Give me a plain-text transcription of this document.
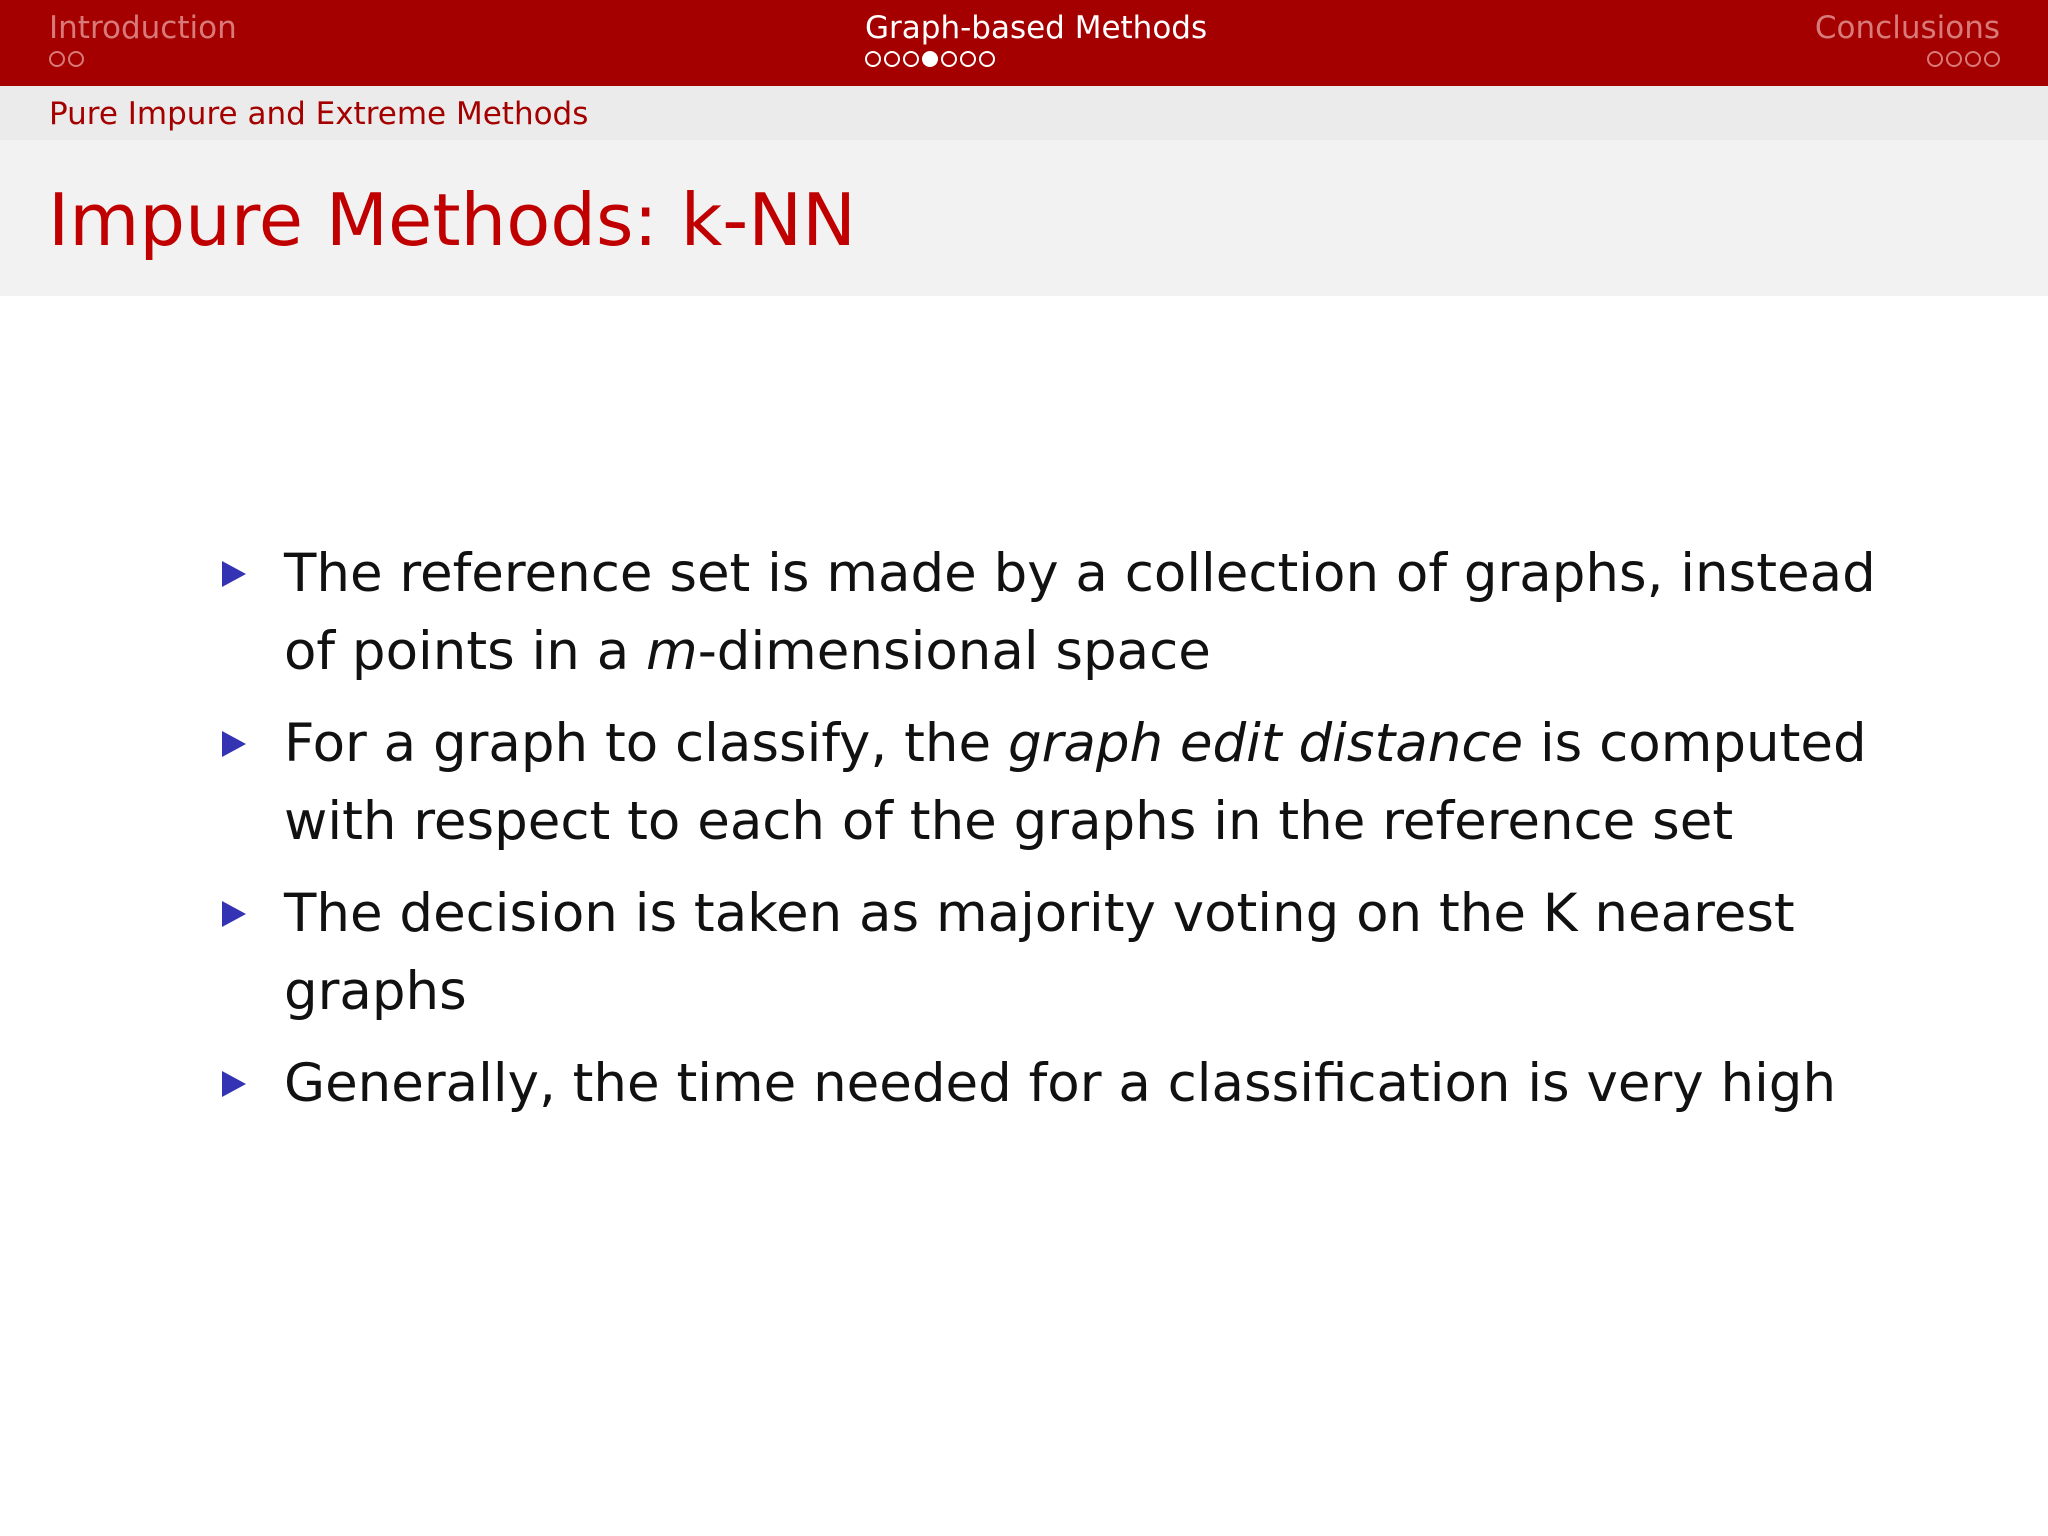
Introduction	Graph-based Methods	Conclusions
Pure Impure and Extreme Methods
Impure Methods: k-NN
The reference set is made by a collection of graphs, instead of points in a m-dimensional space
For a graph to classify, the graph edit distance is computed with respect to each of the graphs in the reference set
The decision is taken as majority voting on the K nearest graphs
Generally, the time needed for a classification is very high
